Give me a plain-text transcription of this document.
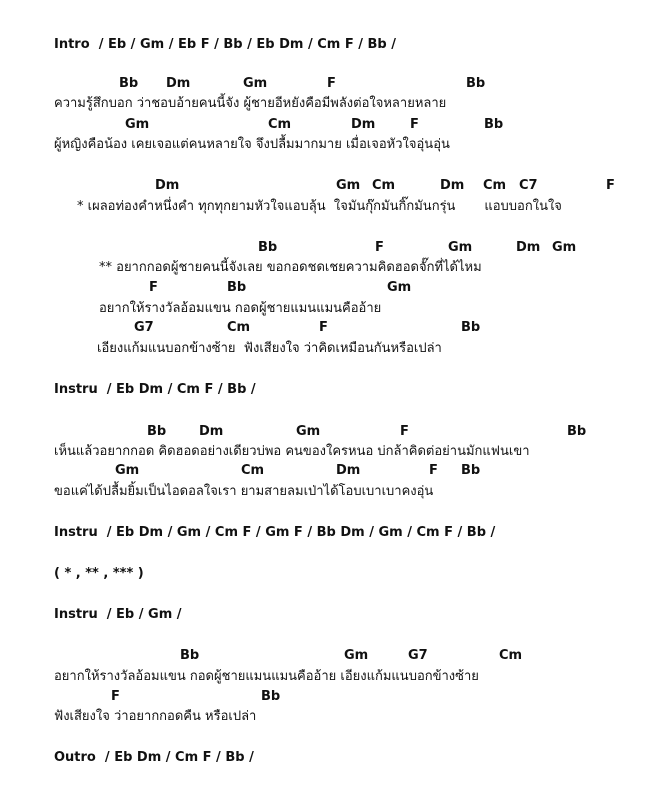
Intro  / Eb / Gm / Eb F / Bb / Eb Dm / Cm F / Bb /
Bb Dm	Gm	F	Bb
ความรู้สึกบอก ว่าชอบอ้ายคนนี้จัง ผู้ชายอีหยังคือมีพลังต่อใจหลายหลาย
Gm	Cm	Dm	F	Bb
ผู้หญิงคือน้อง เคยเจอแต่คนหลายใจ จึงปลื้มมากมาย เมื่อเจอหัวใจอุ่นอุ่น
Dm	Gm Cm	Dm Cm C7	F
* เผลอท่องคำหนึ่งคำ ทุกทุกยามหัวใจแอบลุ้น  ใจมันกุ๊กมันกิ๊กมันกรุ่น       แอบบอกในใจ
Bb	F	Gm	Dm Gm
** อยากกอดผู้ชายคนนี้จังเลย ขอกอดชดเชยความคิดฮอดจั๊กที่ได้ไหม
F	Bb	Gm
อยากให้รางวัลอ้อมแขน กอดผู้ชายแมนแมนคืออ้าย
G7	Cm	F	Bb
เอียงแก้มแนบอกข้างซ้าย  ฟังเสียงใจ ว่าคิดเหมือนกันหรือเปล่า
Instru  / Eb Dm / Cm F / Bb /
Bb	Dm	Gm	F	Bb
เห็นแล้วอยากกอด คิดฮอดอย่างเดียวบ่พอ คนของใครหนอ บ่กล้าคิดต่อย่านมักแฟนเขา
Gm	Cm	Dm	F Bb
ขอแค่ได้ปลื้มยิ้มเป็นไอดอลใจเรา ยามสายลมเป่าได้โอบเบาเบาคงอุ่น
Instru  / Eb Dm / Gm / Cm F / Gm F / Bb Dm / Gm / Cm F / Bb /
( * , ** , *** )
Instru  / Eb / Gm /
Bb	Gm	G7	Cm
อยากให้รางวัลอ้อมแขน กอดผู้ชายแมนแมนคืออ้าย เอียงแก้มแนบอกข้างซ้าย
F	Bb
ฟังเสียงใจ ว่าอยากกอดคืน หรือเปล่า
Outro  / Eb Dm / Cm F / Bb /
